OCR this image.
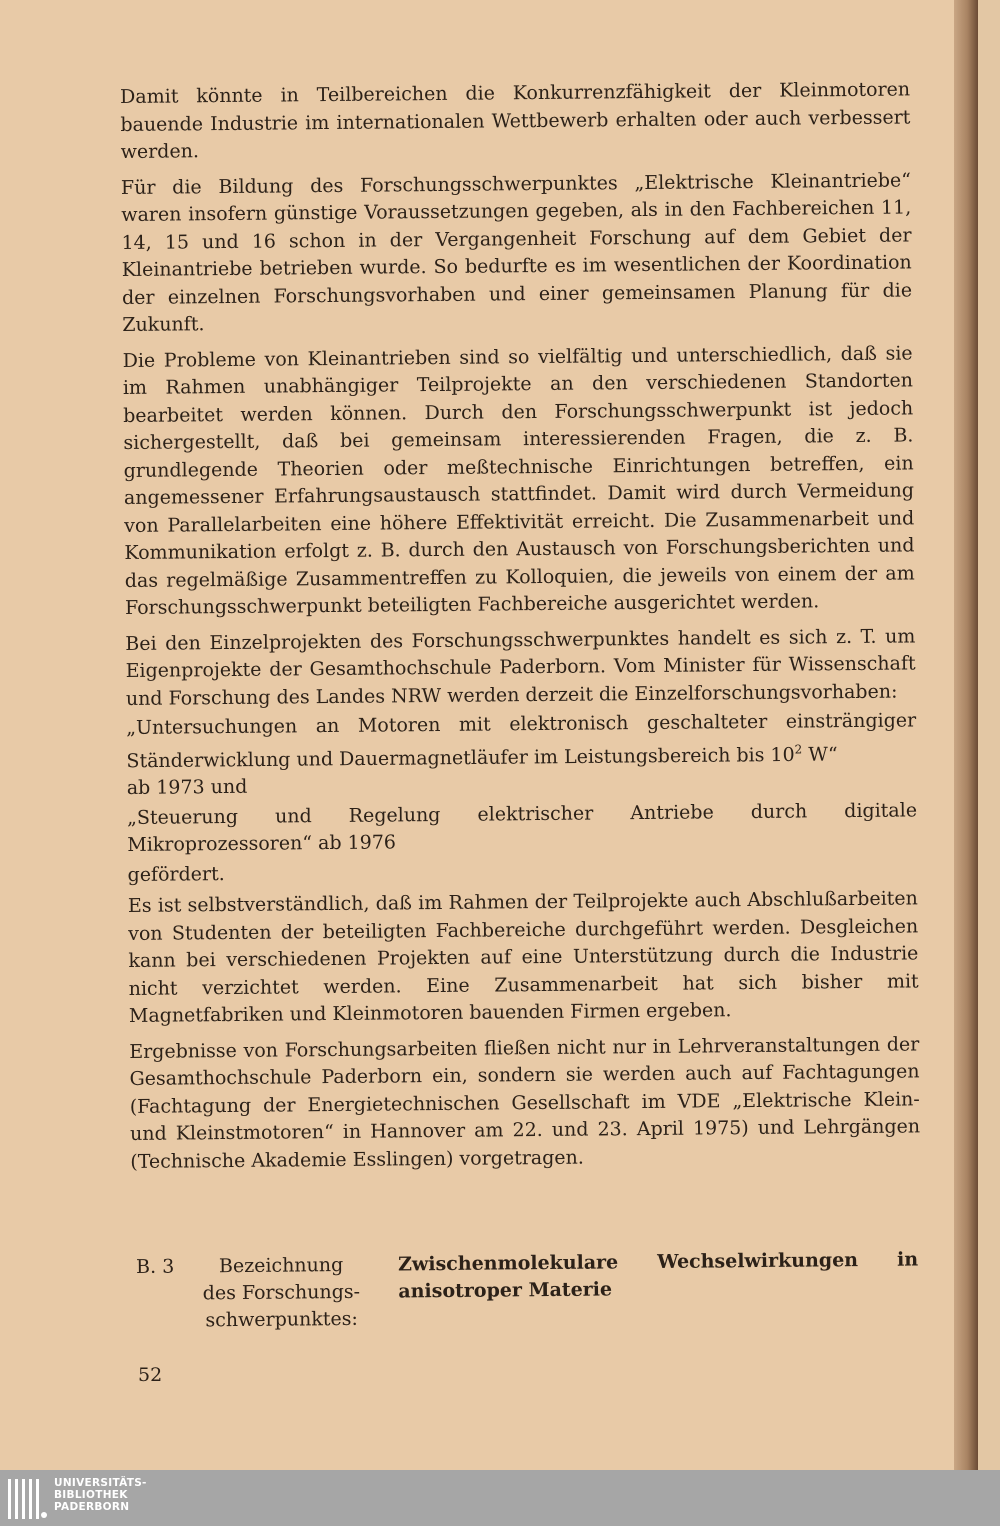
Damit könnte in Teilbereichen die Konkurrenzfähigkeit der Kleinmotoren bauende Industrie im internationalen Wettbewerb erhalten oder auch verbessert werden.

Für die Bildung des Forschungsschwerpunktes „Elektrische Kleinantriebe“ waren insofern günstige Voraussetzungen gegeben, als in den Fachbereichen 11, 14, 15 und 16 schon in der Vergangenheit Forschung auf dem Gebiet der Kleinantriebe betrieben wurde. So bedurfte es im wesentlichen der Koordination der einzelnen Forschungsvorhaben und einer gemeinsamen Planung für die Zukunft.

Die Probleme von Kleinantrieben sind so vielfältig und unterschiedlich, daß sie im Rahmen unabhängiger Teilprojekte an den verschiedenen Standorten bearbeitet werden können. Durch den Forschungsschwerpunkt ist jedoch sichergestellt, daß bei gemeinsam interessierenden Fragen, die z. B. grundlegende Theorien oder meßtechnische Einrichtungen betreffen, ein angemessener Erfahrungsaustausch stattfindet. Damit wird durch Vermeidung von Parallelarbeiten eine höhere Effektivität erreicht. Die Zusammenarbeit und Kommunikation erfolgt z. B. durch den Austausch von Forschungsberichten und das regelmäßige Zusammentreffen zu Kolloquien, die jeweils von einem der am Forschungsschwerpunkt beteiligten Fachbereiche ausgerichtet werden.

Bei den Einzelprojekten des Forschungsschwerpunktes handelt es sich z. T. um Eigenprojekte der Gesamthochschule Paderborn. Vom Minister für Wissenschaft und Forschung des Landes NRW werden derzeit die Einzelforschungsvorhaben:

„Untersuchungen an Motoren mit elektronisch geschalteter einsträngiger Ständerwicklung und Dauermagnetläufer im Leistungsbereich bis $10^2$ W“
ab 1973 und

„Steuerung und Regelung elektrischer Antriebe durch digitale Mikroprozessoren“ ab 1976

gefördert.

Es ist selbstverständlich, daß im Rahmen der Teilprojekte auch Abschlußarbeiten von Studenten der beteiligten Fachbereiche durchgeführt werden. Desgleichen kann bei verschiedenen Projekten auf eine Unterstützung durch die Industrie nicht verzichtet werden. Eine Zusammenarbeit hat sich bisher mit Magnetfabriken und Kleinmotoren bauenden Firmen ergeben.

Ergebnisse von Forschungsarbeiten fließen nicht nur in Lehrveranstaltungen der Gesamthochschule Paderborn ein, sondern sie werden auch auf Fachtagungen (Fachtagung der Energietechnischen Gesellschaft im VDE „Elektrische Klein- und Kleinstmotoren“ in Hannover am 22. und 23. April 1975) und Lehrgängen (Technische Akademie Esslingen) vorgetragen.

B. 3	Bezeichnung
des Forschungs-
schwerpunktes:
Zwischenmolekulare Wechselwirkungen in anisotroper Materie
52
UNIVERSITÄTS-
BIBLIOTHEK
PADERBORN
